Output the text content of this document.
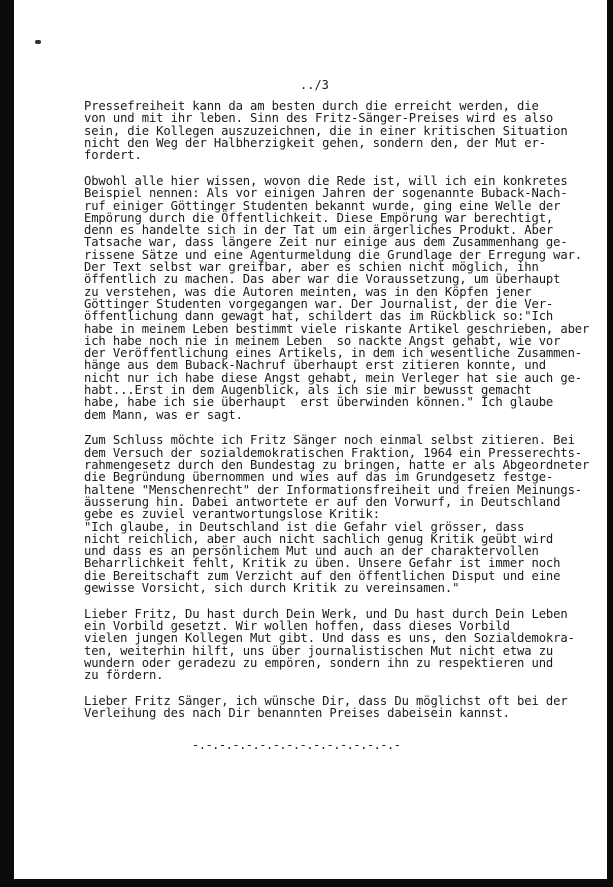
../3
Pressefreiheit kann da am besten durch die erreicht werden, die
von und mit ihr leben. Sinn des Fritz-Sänger-Preises wird es also
sein, die Kollegen auszuzeichnen, die in einer kritischen Situation
nicht den Weg der Halbherzigkeit gehen, sondern den, der Mut er-
fordert.
Obwohl alle hier wissen, wovon die Rede ist, will ich ein konkretes
Beispiel nennen: Als vor einigen Jahren der sogenannte Buback-Nach-
ruf einiger Göttinger Studenten bekannt wurde, ging eine Welle der
Empörung durch die Öffentlichkeit. Diese Empörung war berechtigt,
denn es handelte sich in der Tat um ein ärgerliches Produkt. Aber
Tatsache war, dass längere Zeit nur einige aus dem Zusammenhang ge-
rissene Sätze und eine Agenturmeldung die Grundlage der Erregung war.
Der Text selbst war greifbar, aber es schien nicht möglich, ihn
öffentlich zu machen. Das aber war die Voraussetzung, um überhaupt
zu verstehen, was die Autoren meinten, was in den Köpfen jener
Göttinger Studenten vorgegangen war. Der Journalist, der die Ver-
öffentlichung dann gewagt hat, schildert das im Rückblick so:"Ich
habe in meinem Leben bestimmt viele riskante Artikel geschrieben, aber
ich habe noch nie in meinem Leben  so nackte Angst gehabt, wie vor
der Veröffentlichung eines Artikels, in dem ich wesentliche Zusammen-
hänge aus dem Buback-Nachruf überhaupt erst zitieren konnte, und
nicht nur ich habe diese Angst gehabt, mein Verleger hat sie auch ge-
habt...Erst in dem Augenblick, als ich sie mir bewusst gemacht
habe, habe ich sie überhaupt  erst überwinden können." Ich glaube
dem Mann, was er sagt.
Zum Schluss möchte ich Fritz Sänger noch einmal selbst zitieren. Bei
dem Versuch der sozialdemokratischen Fraktion, 1964 ein Presserechts-
rahmengesetz durch den Bundestag zu bringen, hatte er als Abgeordneter
die Begründung übernommen und wies auf das im Grundgesetz festge-
haltene "Menschenrecht" der Informationsfreiheit und freien Meinungs-
äusserung hin. Dabei antwortete er auf den Vorwurf, in Deutschland
gebe es zuviel verantwortungslose Kritik:
"Ich glaube, in Deutschland ist die Gefahr viel grösser, dass
nicht reichlich, aber auch nicht sachlich genug Kritik geübt wird
und dass es an persönlichem Mut und auch an der charaktervollen
Beharrlichkeit fehlt, Kritik zu üben. Unsere Gefahr ist immer noch
die Bereitschaft zum Verzicht auf den öffentlichen Disput und eine
gewisse Vorsicht, sich durch Kritik zu vereinsamen."
Lieber Fritz, Du hast durch Dein Werk, und Du hast durch Dein Leben
ein Vorbild gesetzt. Wir wollen hoffen, dass dieses Vorbild
vielen jungen Kollegen Mut gibt. Und dass es uns, den Sozialdemokra-
ten, weiterhin hilft, uns über journalistischen Mut nicht etwa zu
wundern oder geradezu zu empören, sondern ihn zu respektieren und
zu fördern.
Lieber Fritz Sänger, ich wünsche Dir, dass Du möglichst oft bei der
Verleihung des nach Dir benannten Preises dabeisein kannst.
-.-.-.-.-.-.-.-.-.-.-.-.-.-.-.-
